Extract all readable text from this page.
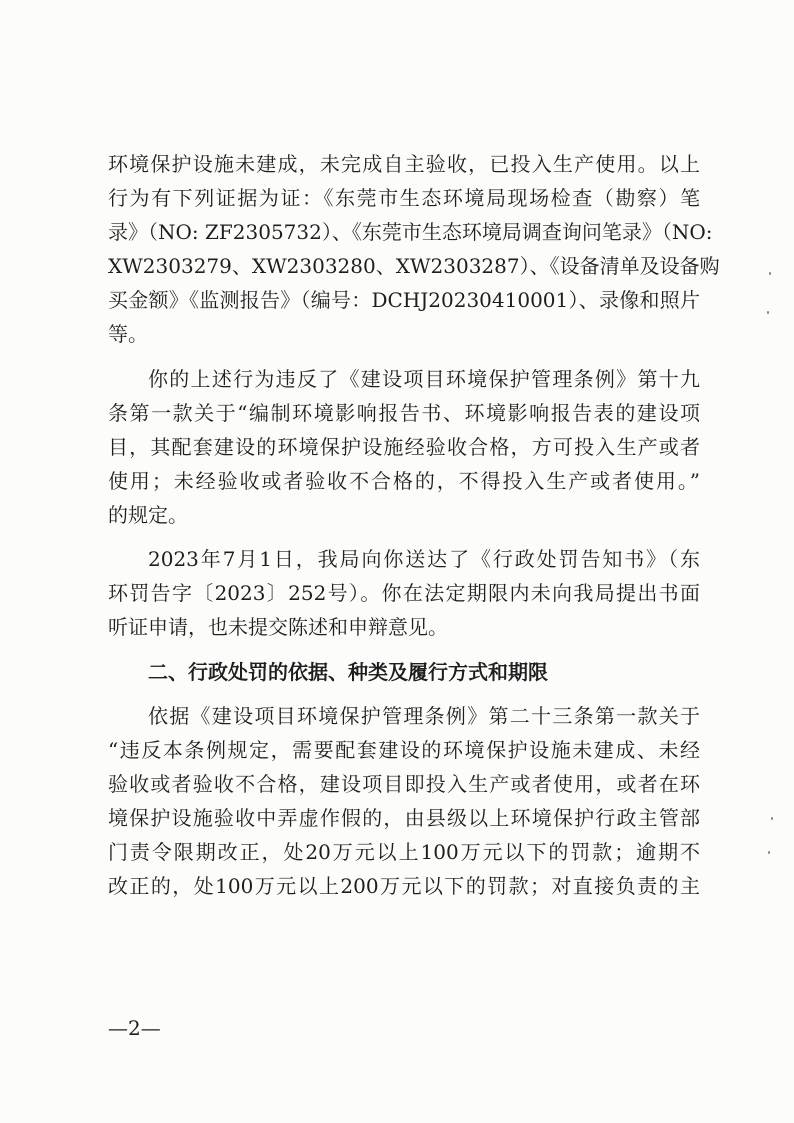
环境保护设施未建成，未完成自主验收，已投入生产使用。以上
行为有下列证据为证：《东莞市生态环境局现场检查（勘察）笔
录》（NO: ZF2305732）、《东莞市生态环境局调查询问笔录》（NO:
XW2303279、XW2303280、XW2303287）、《设备清单及设备购
买金额》《监测报告》（编号：DCHJ20230410001）、录像和照片
等。
你的上述行为违反了《建设项目环境保护管理条例》第十九
条第一款关于“编制环境影响报告书、环境影响报告表的建设项
目，其配套建设的环境保护设施经验收合格，方可投入生产或者
使用；未经验收或者验收不合格的，不得投入生产或者使用。”
的规定。
2023年7月1日，我局向你送达了《行政处罚告知书》（东
环罚告字〔2023〕252号）。你在法定期限内未向我局提出书面
听证申请，也未提交陈述和申辩意见。
二、行政处罚的依据、种类及履行方式和期限
依据《建设项目环境保护管理条例》第二十三条第一款关于
“违反本条例规定，需要配套建设的环境保护设施未建成、未经
验收或者验收不合格，建设项目即投入生产或者使用，或者在环
境保护设施验收中弄虚作假的，由县级以上环境保护行政主管部
门责令限期改正，处20万元以上100万元以下的罚款；逾期不
改正的，处100万元以上200万元以下的罚款；对直接负责的主
—2—
